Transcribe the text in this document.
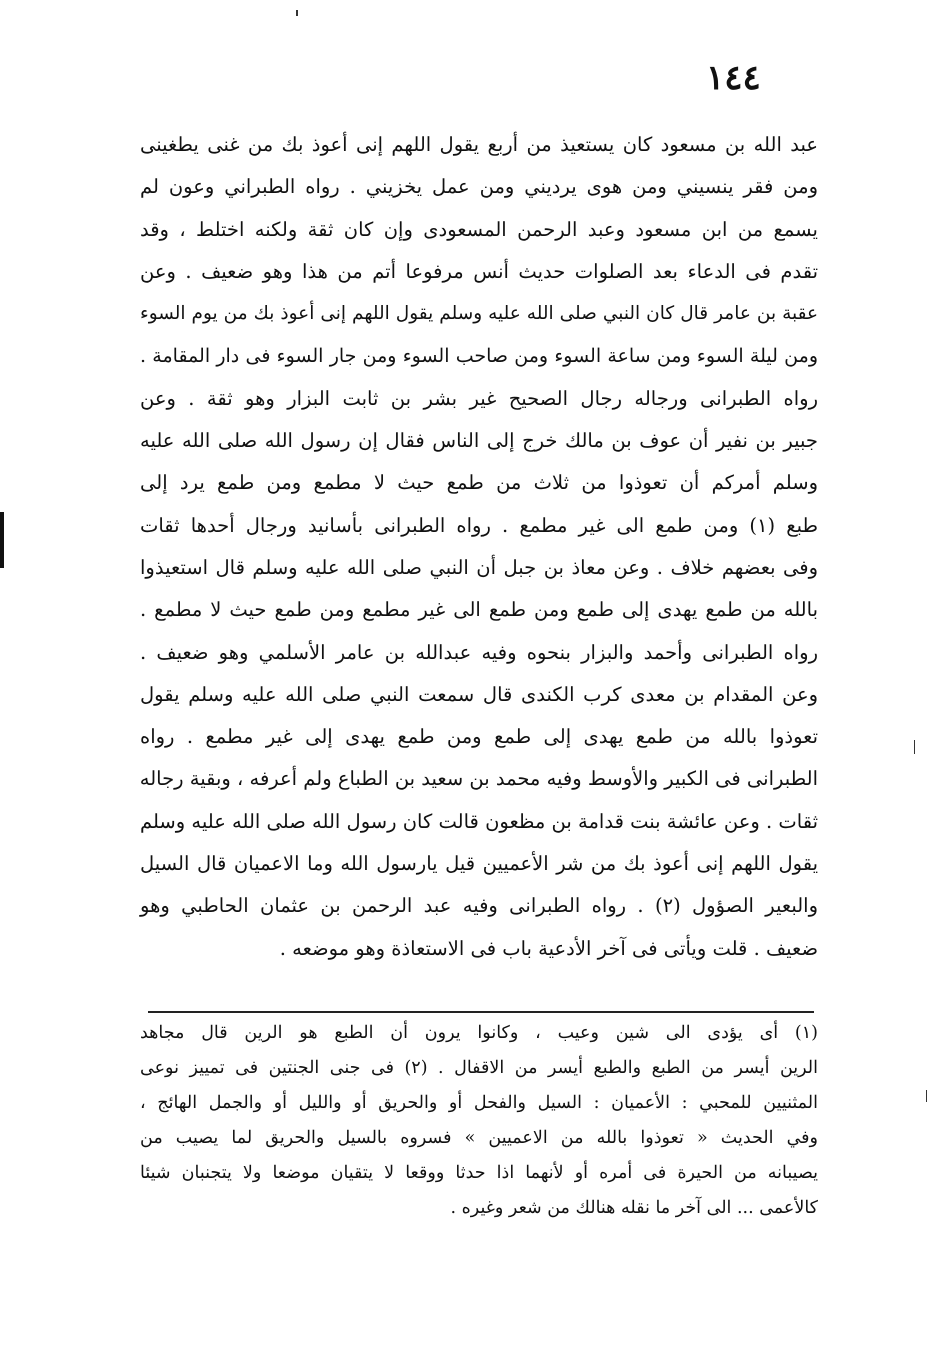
١٤٤
عبد الله بن مسعود كان يستعيذ من أربع يقول اللهم إنى أعوذ بك من غنى يطغينى
ومن فقر ينسيني ومن هوى يرديني ومن عمل يخزيني . رواه الطبراني وعون لم
يسمع من ابن مسعود وعبد الرحمن المسعودى وإن كان ثقة ولكنه اختلط ، وقد
تقدم فى الدعاء بعد الصلوات حديث أنس مرفوعا أتم من هذا وهو ضعيف . وعن
عقبة بن عامر قال كان النبي صلى الله عليه وسلم يقول اللهم إنى أعوذ بك من يوم السوء
ومن ليلة السوء ومن ساعة السوء ومن صاحب السوء ومن جار السوء فى دار المقامة .
رواه الطبرانى ورجاله رجال الصحيح غير بشر بن ثابت البزار وهو ثقة . وعن
جبير بن نفير أن عوف بن مالك خرج إلى الناس فقال إن رسول الله صلى الله عليه
وسلم أمركم أن تعوذوا من ثلاث من طمع حيث لا مطمع ومن طمع يرد إلى
طبع (١) ومن طمع الى غير مطمع . رواه الطبرانى بأسانيد ورجال أحدها ثقات
وفى بعضهم خلاف . وعن معاذ بن جبل أن النبي صلى الله عليه وسلم قال استعيذوا
بالله من طمع يهدى إلى طمع ومن طمع الى غير مطمع ومن طمع حيث لا مطمع .
رواه الطبرانى وأحمد والبزار بنحوه وفيه عبدالله بن عامر الأسلمي وهو ضعيف .
وعن المقدام بن معدى كرب الكندى قال سمعت النبي صلى الله عليه وسلم يقول
تعوذوا بالله من طمع يهدى إلى طمع ومن طمع يهدى إلى غير مطمع . رواه
الطبرانى فى الكبير والأوسط وفيه محمد بن سعيد بن الطباع ولم أعرفه ، وبقية رجاله
ثقات . وعن عائشة بنت قدامة بن مظعون قالت كان رسول الله صلى الله عليه وسلم
يقول اللهم إنى أعوذ بك من شر الأعميين قيل يارسول الله وما الاعميان قال السيل
والبعير الصؤول (٢) . رواه الطبرانى وفيه عبد الرحمن بن عثمان الحاطبي وهو
ضعيف . قلت ويأتى فى آخر الأدعية باب فى الاستعاذة وهو موضعه .
(١) أى يؤدى الى شين وعيب ، وكانوا يرون أن الطبع هو الرين قال مجاهد
الرين أيسر من الطبع والطبع أيسر من الاقفال . (٢) فى جنى الجنتين فى تمييز نوعى
المثنيين للمحبي : الأعميان : السيل والفحل أو والحريق أو والليل أو والجمل الهائج ،
وفي الحديث « تعوذوا بالله من الاعميين » فسروه بالسيل والحريق لما يصيب من
يصيبانه من الحيرة فى أمره أو لأنهما اذا حدثا ووقعا لا يتقيان موضعا ولا يتجنبان شيئا
كالأعمى ... الى آخر ما نقله هنالك من شعر وغيره .
